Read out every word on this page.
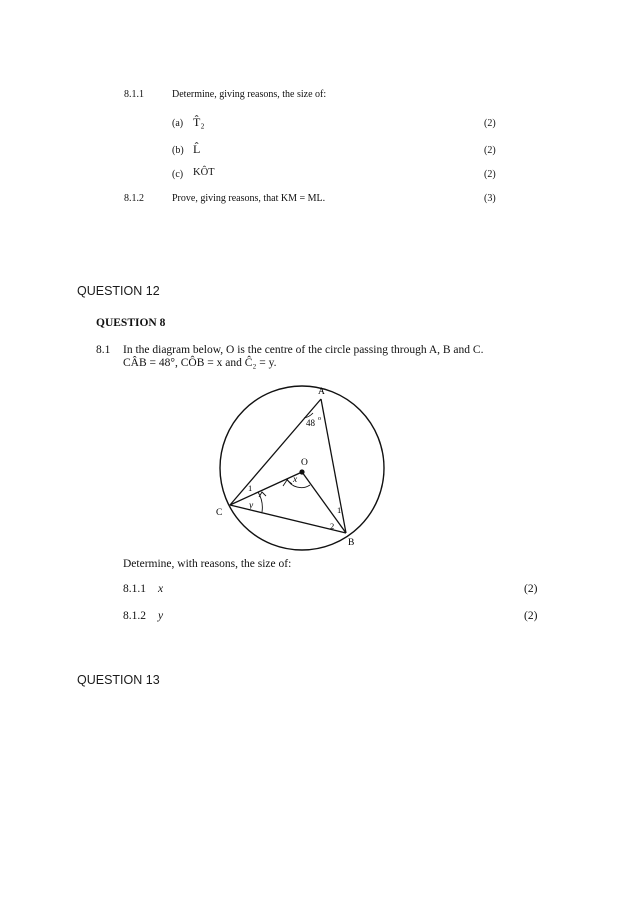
8.1.1	Determine, giving reasons, the size of:
(a) T̂₂	(2)
(b) L̂	(2)
(c) KÔT	(2)
8.1.2	Prove, giving reasons, that KM = ML.	(3)
QUESTION 12
QUESTION 8
8.1 In the diagram below, O is the centre of the circle passing through A, B and C.
CÂB = 48°, CÔB = x and Ĉ₂ = y.
A
O
C
B
48 o
x
y
1
2
1
Determine, with reasons, the size of:
8.1.1 x	(2)
8.1.2 y	(2)
QUESTION 13
